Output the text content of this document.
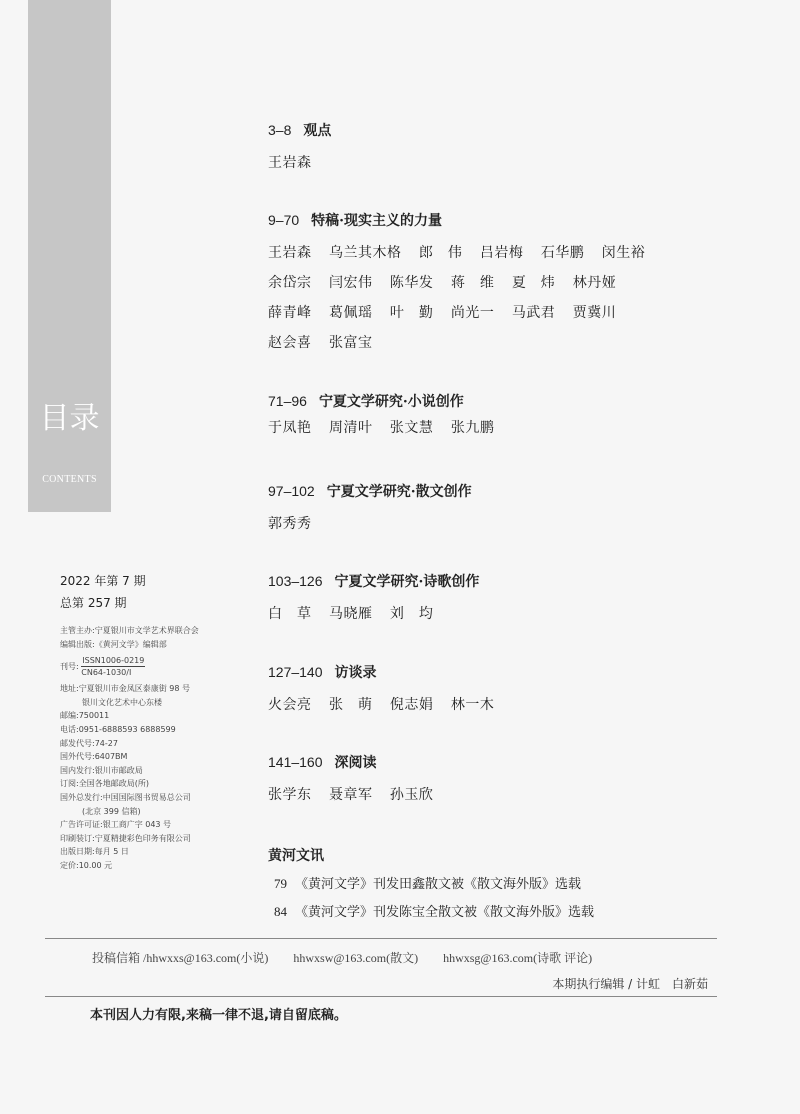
目录
CONTENTS
2022 年第 7 期
总第 257 期
主管主办:宁夏银川市文学艺术界联合会
编辑出版:《黄河文学》编辑部
刊号:
ISSN1006-0219
CN64-1030/I
地址:宁夏银川市金凤区泰康街 98 号
银川文化艺术中心东楼
邮编:750011
电话:0951-6888593 6888599
邮发代号:74-27
国外代号:6407BM
国内发行:银川市邮政局
订阅:全国各地邮政局(所)
国外总发行:中国国际图书贸易总公司
(北京 399 信箱)
广告许可证:银工商广字 043 号
印刷装订:宁夏精捷彩色印务有限公司
出版日期:每月 5 日
定价:10.00 元
3–8 观点
王岩森
9–70 特稿·现实主义的力量
王岩森 乌兰其木格 郎　伟 吕岩梅 石华鹏 闵生裕
余岱宗 闫宏伟 陈华发 蒋　维 夏　炜 林丹娅
薛青峰 葛佩瑶 叶　勤 尚光一 马武君 贾冀川
赵会喜 张富宝
71–96 宁夏文学研究·小说创作
于凤艳 周清叶 张文慧 张九鹏
97–102 宁夏文学研究·散文创作
郭秀秀
103–126 宁夏文学研究·诗歌创作
白　草 马晓雁 刘　均
127–140 访谈录
火会亮 张　萌 倪志娟 林一木
141–160 深阅读
张学东 聂章军 孙玉欣
黄河文讯
79 《黄河文学》刊发田鑫散文被《散文海外版》选载
84 《黄河文学》刊发陈宝全散文被《散文海外版》选载
投稿信箱 /hhwxxs@163.com(小说) hhwxsw@163.com(散文) hhwxsg@163.com(诗歌 评论)
本期执行编辑 / 计虹　白新茹
本刊因人力有限,来稿一律不退,请自留底稿。
